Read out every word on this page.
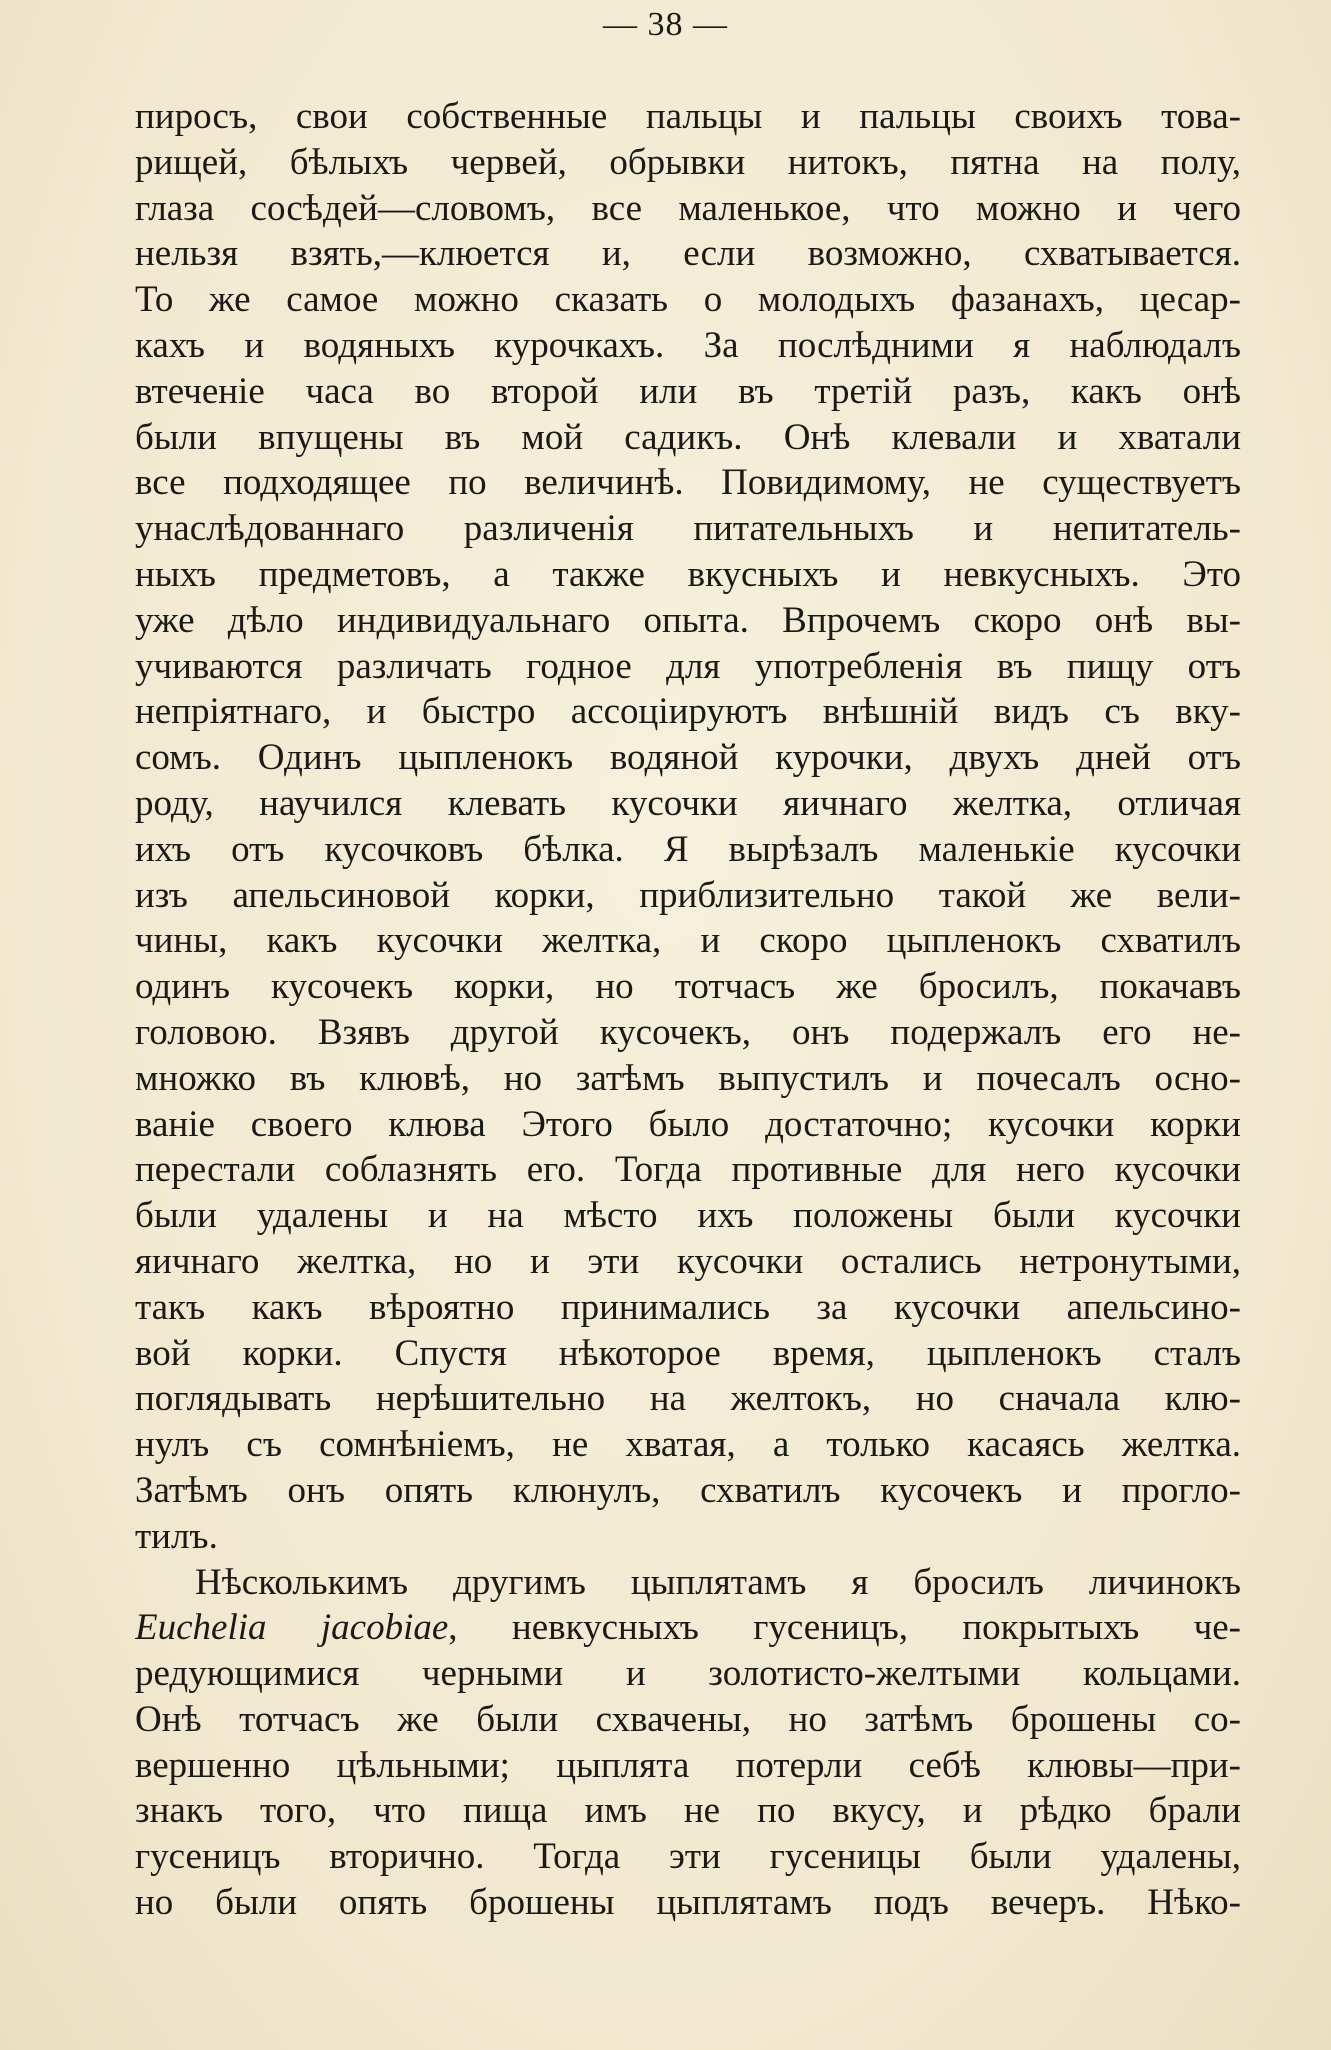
— 38 —
пиросъ, свои собственные пальцы и пальцы своихъ това-
рищей, бѣлыхъ червей, обрывки нитокъ, пятна на полу,
глаза сосѣдей—словомъ, все маленькое, что можно и чего
нельзя взять,—клюется и, если возможно, схватывается.
То же самое можно сказать о молодыхъ фазанахъ, цесар-
кахъ и водяныхъ курочкахъ. За послѣдними я наблюдалъ
втеченіе часа во второй или въ третій разъ, какъ онѣ
были впущены въ мой садикъ. Онѣ клевали и хватали
все подходящее по величинѣ. Повидимому, не существуетъ
унаслѣдованнаго различенія питательныхъ и непитатель-
ныхъ предметовъ, а также вкусныхъ и невкусныхъ. Это
уже дѣло индивидуальнаго опыта. Впрочемъ скоро онѣ вы-
учиваются различать годное для употребленія въ пищу отъ
непріятнаго, и быстро ассоціируютъ внѣшній видъ съ вку-
сомъ. Одинъ цыпленокъ водяной курочки, двухъ дней отъ
роду, научился клевать кусочки яичнаго желтка, отличая
ихъ отъ кусочковъ бѣлка. Я вырѣзалъ маленькіе кусочки
изъ апельсиновой корки, приблизительно такой же вели-
чины, какъ кусочки желтка, и скоро цыпленокъ схватилъ
одинъ кусочекъ корки, но тотчасъ же бросилъ, покачавъ
головою. Взявъ другой кусочекъ, онъ подержалъ его не-
множко въ клювѣ, но затѣмъ выпустилъ и почесалъ осно-
ваніе своего клюва Этого было достаточно; кусочки корки
перестали соблазнять его. Тогда противные для него кусочки
были удалены и на мѣсто ихъ положены были кусочки
яичнаго желтка, но и эти кусочки остались нетронутыми,
такъ какъ вѣроятно принимались за кусочки апельсино-
вой корки. Спустя нѣкоторое время, цыпленокъ сталъ
поглядывать нерѣшительно на желтокъ, но сначала клю-
нулъ съ сомнѣніемъ, не хватая, а только касаясь желтка.
Затѣмъ онъ опять клюнулъ, схватилъ кусочекъ и прогло-
тилъ.
Нѣсколькимъ другимъ цыплятамъ я бросилъ личинокъ
Euchelia jacobiae, невкусныхъ гусеницъ, покрытыхъ че-
редующимися черными и золотисто-желтыми кольцами.
Онѣ тотчасъ же были схвачены, но затѣмъ брошены со-
вершенно цѣльными; цыплята потерли себѣ клювы—при-
знакъ того, что пища имъ не по вкусу, и рѣдко брали
гусеницъ вторично. Тогда эти гусеницы были удалены,
но были опять брошены цыплятамъ подъ вечеръ. Нѣко-
